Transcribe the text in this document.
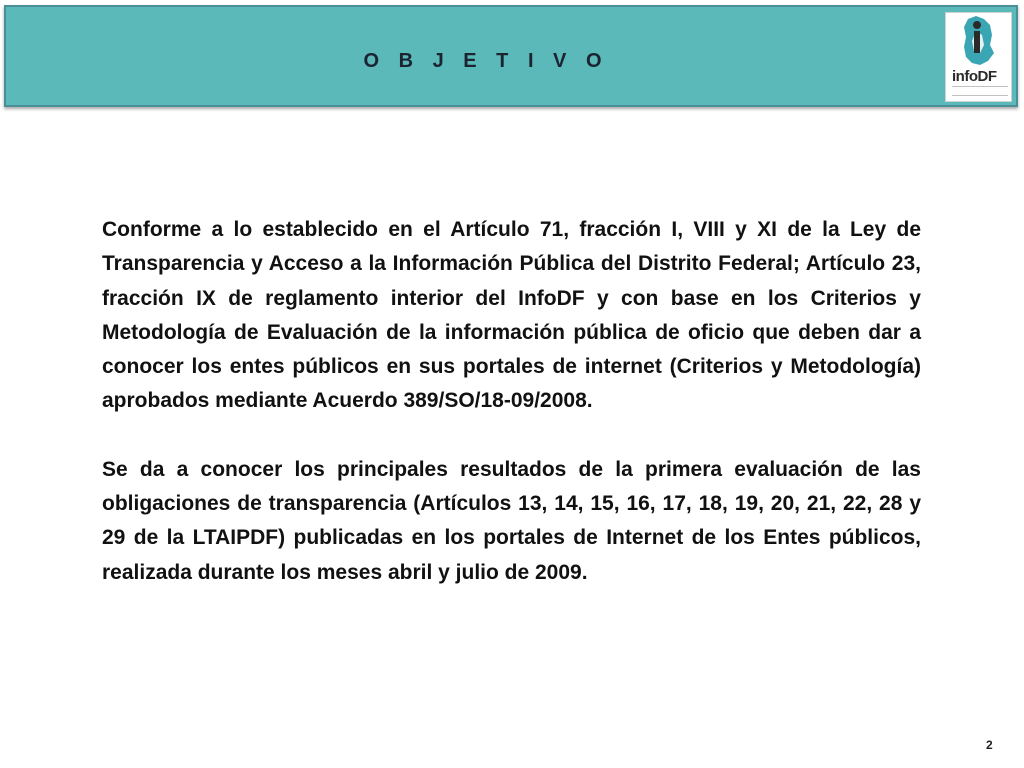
O B J E T I V O
infoDF

Conforme a lo establecido en el Artículo 71, fracción I, VIII y XI de la Ley de Transparencia y Acceso a la Información Pública del Distrito Federal; Artículo 23, fracción IX de reglamento interior del InfoDF y con base en los Criterios y Metodología de Evaluación de la información pública de oficio que deben dar a conocer los entes públicos en sus portales de internet (Criterios y Metodología) aprobados mediante Acuerdo 389/SO/18-09/2008.

Se da a conocer los principales resultados de la primera evaluación de las obligaciones de transparencia (Artículos 13, 14, 15, 16, 17, 18, 19, 20, 21, 22, 28 y 29 de la LTAIPDF) publicadas en los portales de Internet de los Entes públicos, realizada durante los meses abril y julio de 2009.

2
